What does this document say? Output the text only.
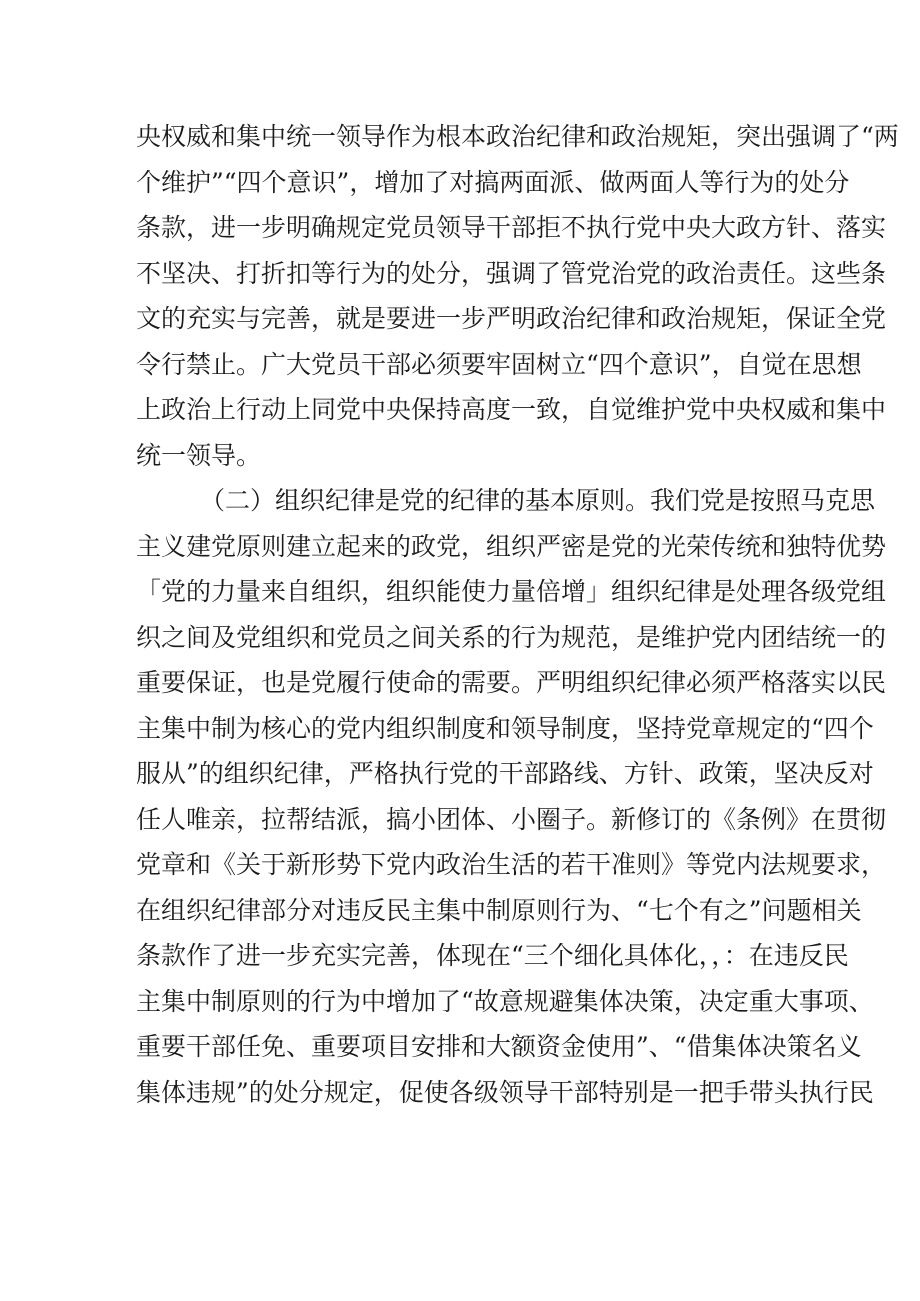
央权威和集中统一领导作为根本政治纪律和政治规矩，突出强调了“两
个维护”“四个意识”，增加了对搞两面派、做两面人等行为的处分
条款，进一步明确规定党员领导干部拒不执行党中央大政方针、落实
不坚决、打折扣等行为的处分，强调了管党治党的政治责任。这些条
文的充实与完善，就是要进一步严明政治纪律和政治规矩，保证全党
令行禁止。广大党员干部必须要牢固树立“四个意识”，自觉在思想
上政治上行动上同党中央保持高度一致，自觉维护党中央权威和集中
统一领导。
（二）组织纪律是党的纪律的基本原则。我们党是按照马克思
主义建党原则建立起来的政党，组织严密是党的光荣传统和独特优势
「党的力量来自组织，组织能使力量倍增」组织纪律是处理各级党组
织之间及党组织和党员之间关系的行为规范，是维护党内团结统一的
重要保证，也是党履行使命的需要。严明组织纪律必须严格落实以民
主集中制为核心的党内组织制度和领导制度，坚持党章规定的“四个
服从”的组织纪律，严格执行党的干部路线、方针、政策，坚决反对
任人唯亲，拉帮结派，搞小团体、小圈子。新修订的《条例》在贯彻
党章和《关于新形势下党内政治生活的若干准则》等党内法规要求，
在组织纪律部分对违反民主集中制原则行为、“七个有之”问题相关
条款作了进一步充实完善，体现在“三个细化具体化，，：在违反民
主集中制原则的行为中增加了“故意规避集体决策，决定重大事项、
重要干部任免、重要项目安排和大额资金使用”、“借集体决策名义
集体违规”的处分规定，促使各级领导干部特别是一把手带头执行民
